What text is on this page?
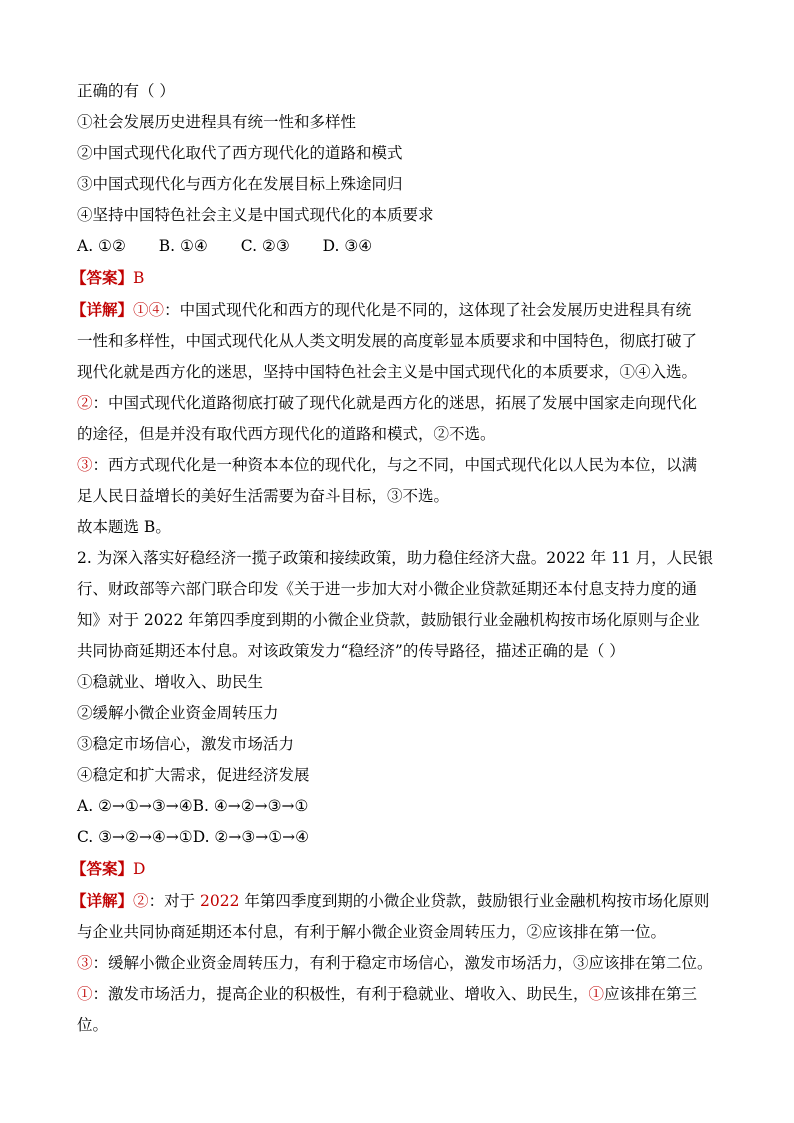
正确的有（ ）
①社会发展历史进程具有统一性和多样性
②中国式现代化取代了西方现代化的道路和模式
③中国式现代化与西方化在发展目标上殊途同归
④坚持中国特色社会主义是中国式现代化的本质要求
A. ①② B. ①④ C. ②③ D. ③④
【答案】B
【详解】①④：中国式现代化和西方的现代化是不同的，这体现了社会发展历史进程具有统
一性和多样性，中国式现代化从人类文明发展的高度彰显本质要求和中国特色，彻底打破了
现代化就是西方化的迷思，坚持中国特色社会主义是中国式现代化的本质要求，①④入选。
②：中国式现代化道路彻底打破了现代化就是西方化的迷思，拓展了发展中国家走向现代化
的途径，但是并没有取代西方现代化的道路和模式，②不选。
③：西方式现代化是一种资本本位的现代化，与之不同，中国式现代化以人民为本位，以满
足人民日益增长的美好生活需要为奋斗目标，③不选。
故本题选 B。
2. 为深入落实好稳经济一揽子政策和接续政策，助力稳住经济大盘。2022 年 11 月，人民银
行、财政部等六部门联合印发《关于进一步加大对小微企业贷款延期还本付息支持力度的通
知》对于 2022 年第四季度到期的小微企业贷款，鼓励银行业金融机构按市场化原则与企业
共同协商延期还本付息。对该政策发力“稳经济”的传导路径，描述正确的是（ ）
①稳就业、增收入、助民生
②缓解小微企业资金周转压力
③稳定市场信心，激发市场活力
④稳定和扩大需求，促进经济发展
A. ②→①→③→④B. ④→②→③→①
C. ③→②→④→①D. ②→③→①→④
【答案】D
【详解】②：对于 2022 年第四季度到期的小微企业贷款，鼓励银行业金融机构按市场化原则
与企业共同协商延期还本付息，有利于解小微企业资金周转压力，②应该排在第一位。
③：缓解小微企业资金周转压力，有利于稳定市场信心，激发市场活力，③应该排在第二位。
①：激发市场活力，提高企业的积极性，有利于稳就业、增收入、助民生，①应该排在第三
位。
